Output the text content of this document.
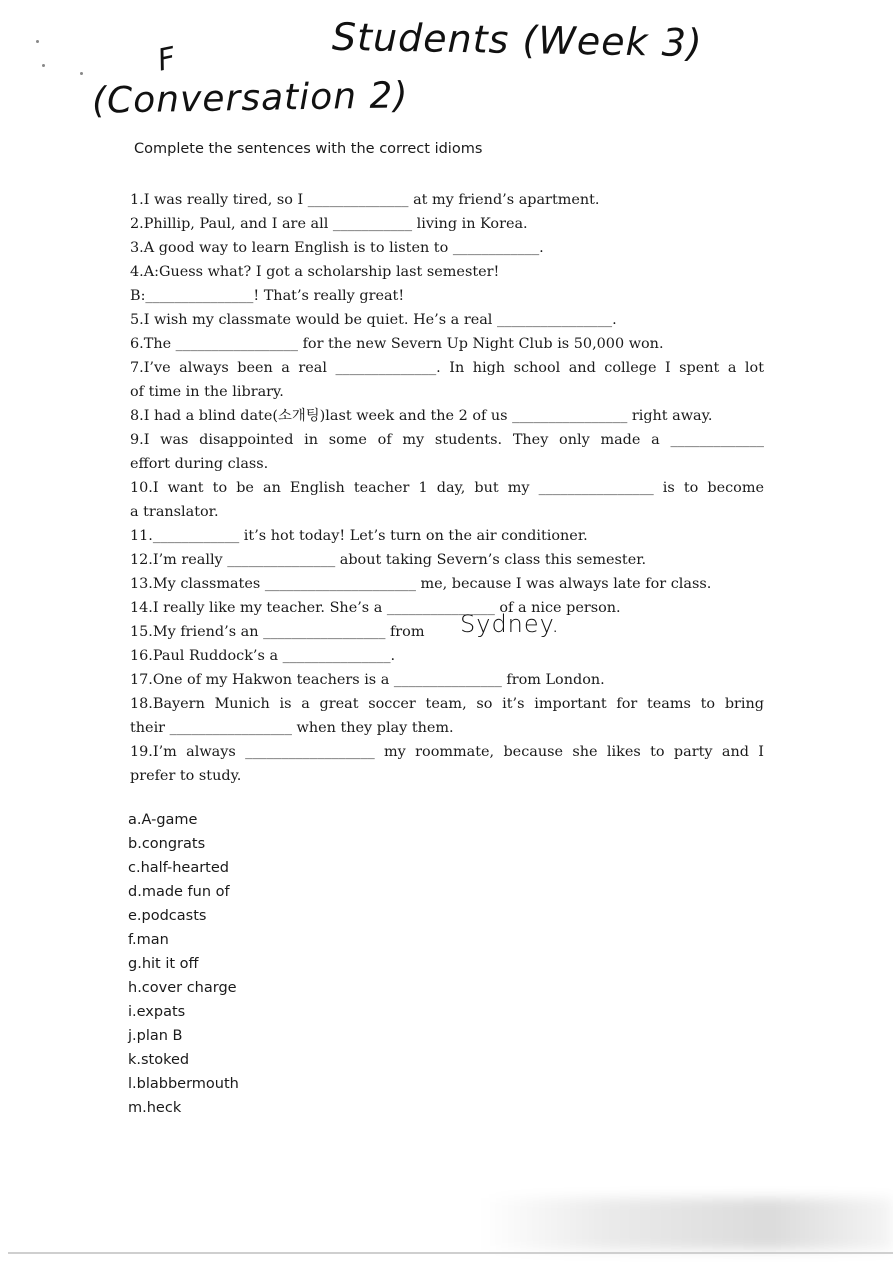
Students (Week 3)
F
(Conversation 2)
Complete the sentences with the correct idioms

1.I was really tired, so I ______________ at my friend’s apartment.

2.Phillip, Paul, and I are all ___________ living in Korea.

3.A good way to learn English is to listen to ____________.

4.A:Guess what? I got a scholarship last semester!

B:_______________! That’s really great!

5.I wish my classmate would be quiet. He’s a real ________________.

6.The _________________ for the new Severn Up Night Club is 50,000 won.

7.I’ve always been a real ______________. In high school and college I spent a lot

of time in the library.

8.I had a blind date(소개팅)last week and the 2 of us ________________ right away.

9.I was disappointed in some of my students. They only made a _____________

effort during class.

10.I want to be an English teacher 1 day, but my ________________ is to become

a translator.

11.____________ it’s hot today! Let’s turn on the air conditioner.

12.I’m really _______________ about taking Severn’s class this semester.

13.My classmates _____________________ me, because I was always late for class.

14.I really like my teacher. She’s a _______________ of a nice person.

15.My friend’s an _________________ from

16.Paul Ruddock’s a _______________.

17.One of my Hakwon teachers is a _______________ from London.

18.Bayern Munich is a great soccer team, so it’s important for teams to bring

their _________________ when they play them.

19.I’m always __________________ my roommate, because she likes to party and I

prefer to study.

Sydney.
a.A-game
b.congrats
c.half-hearted
d.made fun of
e.podcasts
f.man
g.hit it off
h.cover charge
i.expats
j.plan B
k.stoked
l.blabbermouth
m.heck
